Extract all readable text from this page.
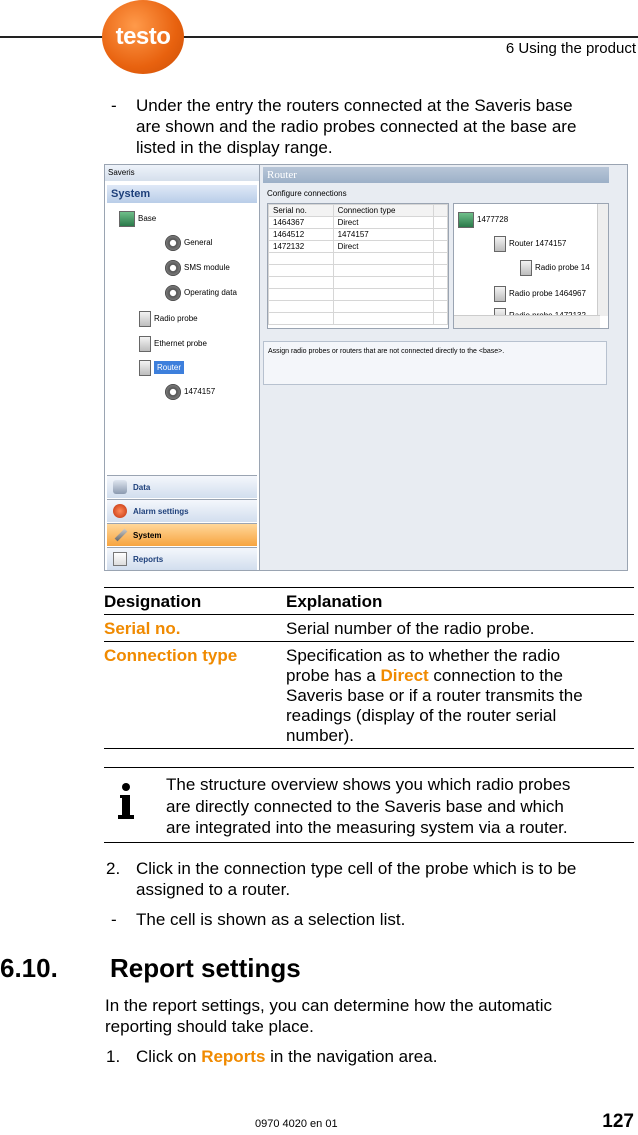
testo	6 Using the product
- Under the entry the routers connected at the Saveris base
are shown and the radio probes connected at the base are
listed in the display range.
Saveris
System
Base
General
SMS module
Operating data
Radio probe
Ethernet probe
Router
1474157
Data
Alarm settings
System
Reports
Router
Configure connections
Serial no.	Connection type	
1464367	Direct	
1464512	1474157	
1472132	Direct	

1477728
Router 1474157
Radio probe 14
Radio probe 1464967
Assign radio probes or routers that are not connected directly to the <base>.
Designation	Explanation
Serial no.	Serial number of the radio probe.
Connection type	Specification as to whether the radio
probe has a Direct connection to the
Saveris base or if a router transmits the
readings (display of the router serial
number).
The structure overview shows you which radio probes
are directly connected to the Saveris base and which
are integrated into the measuring system via a router.
2. Click in the connection type cell of the probe which is to be
assigned to a router.
- The cell is shown as a selection list.
6.10. Report settings
In the report settings, you can determine how the automatic
reporting should take place.
1. Click on Reports in the navigation area.
0970 4020 en 01	127
